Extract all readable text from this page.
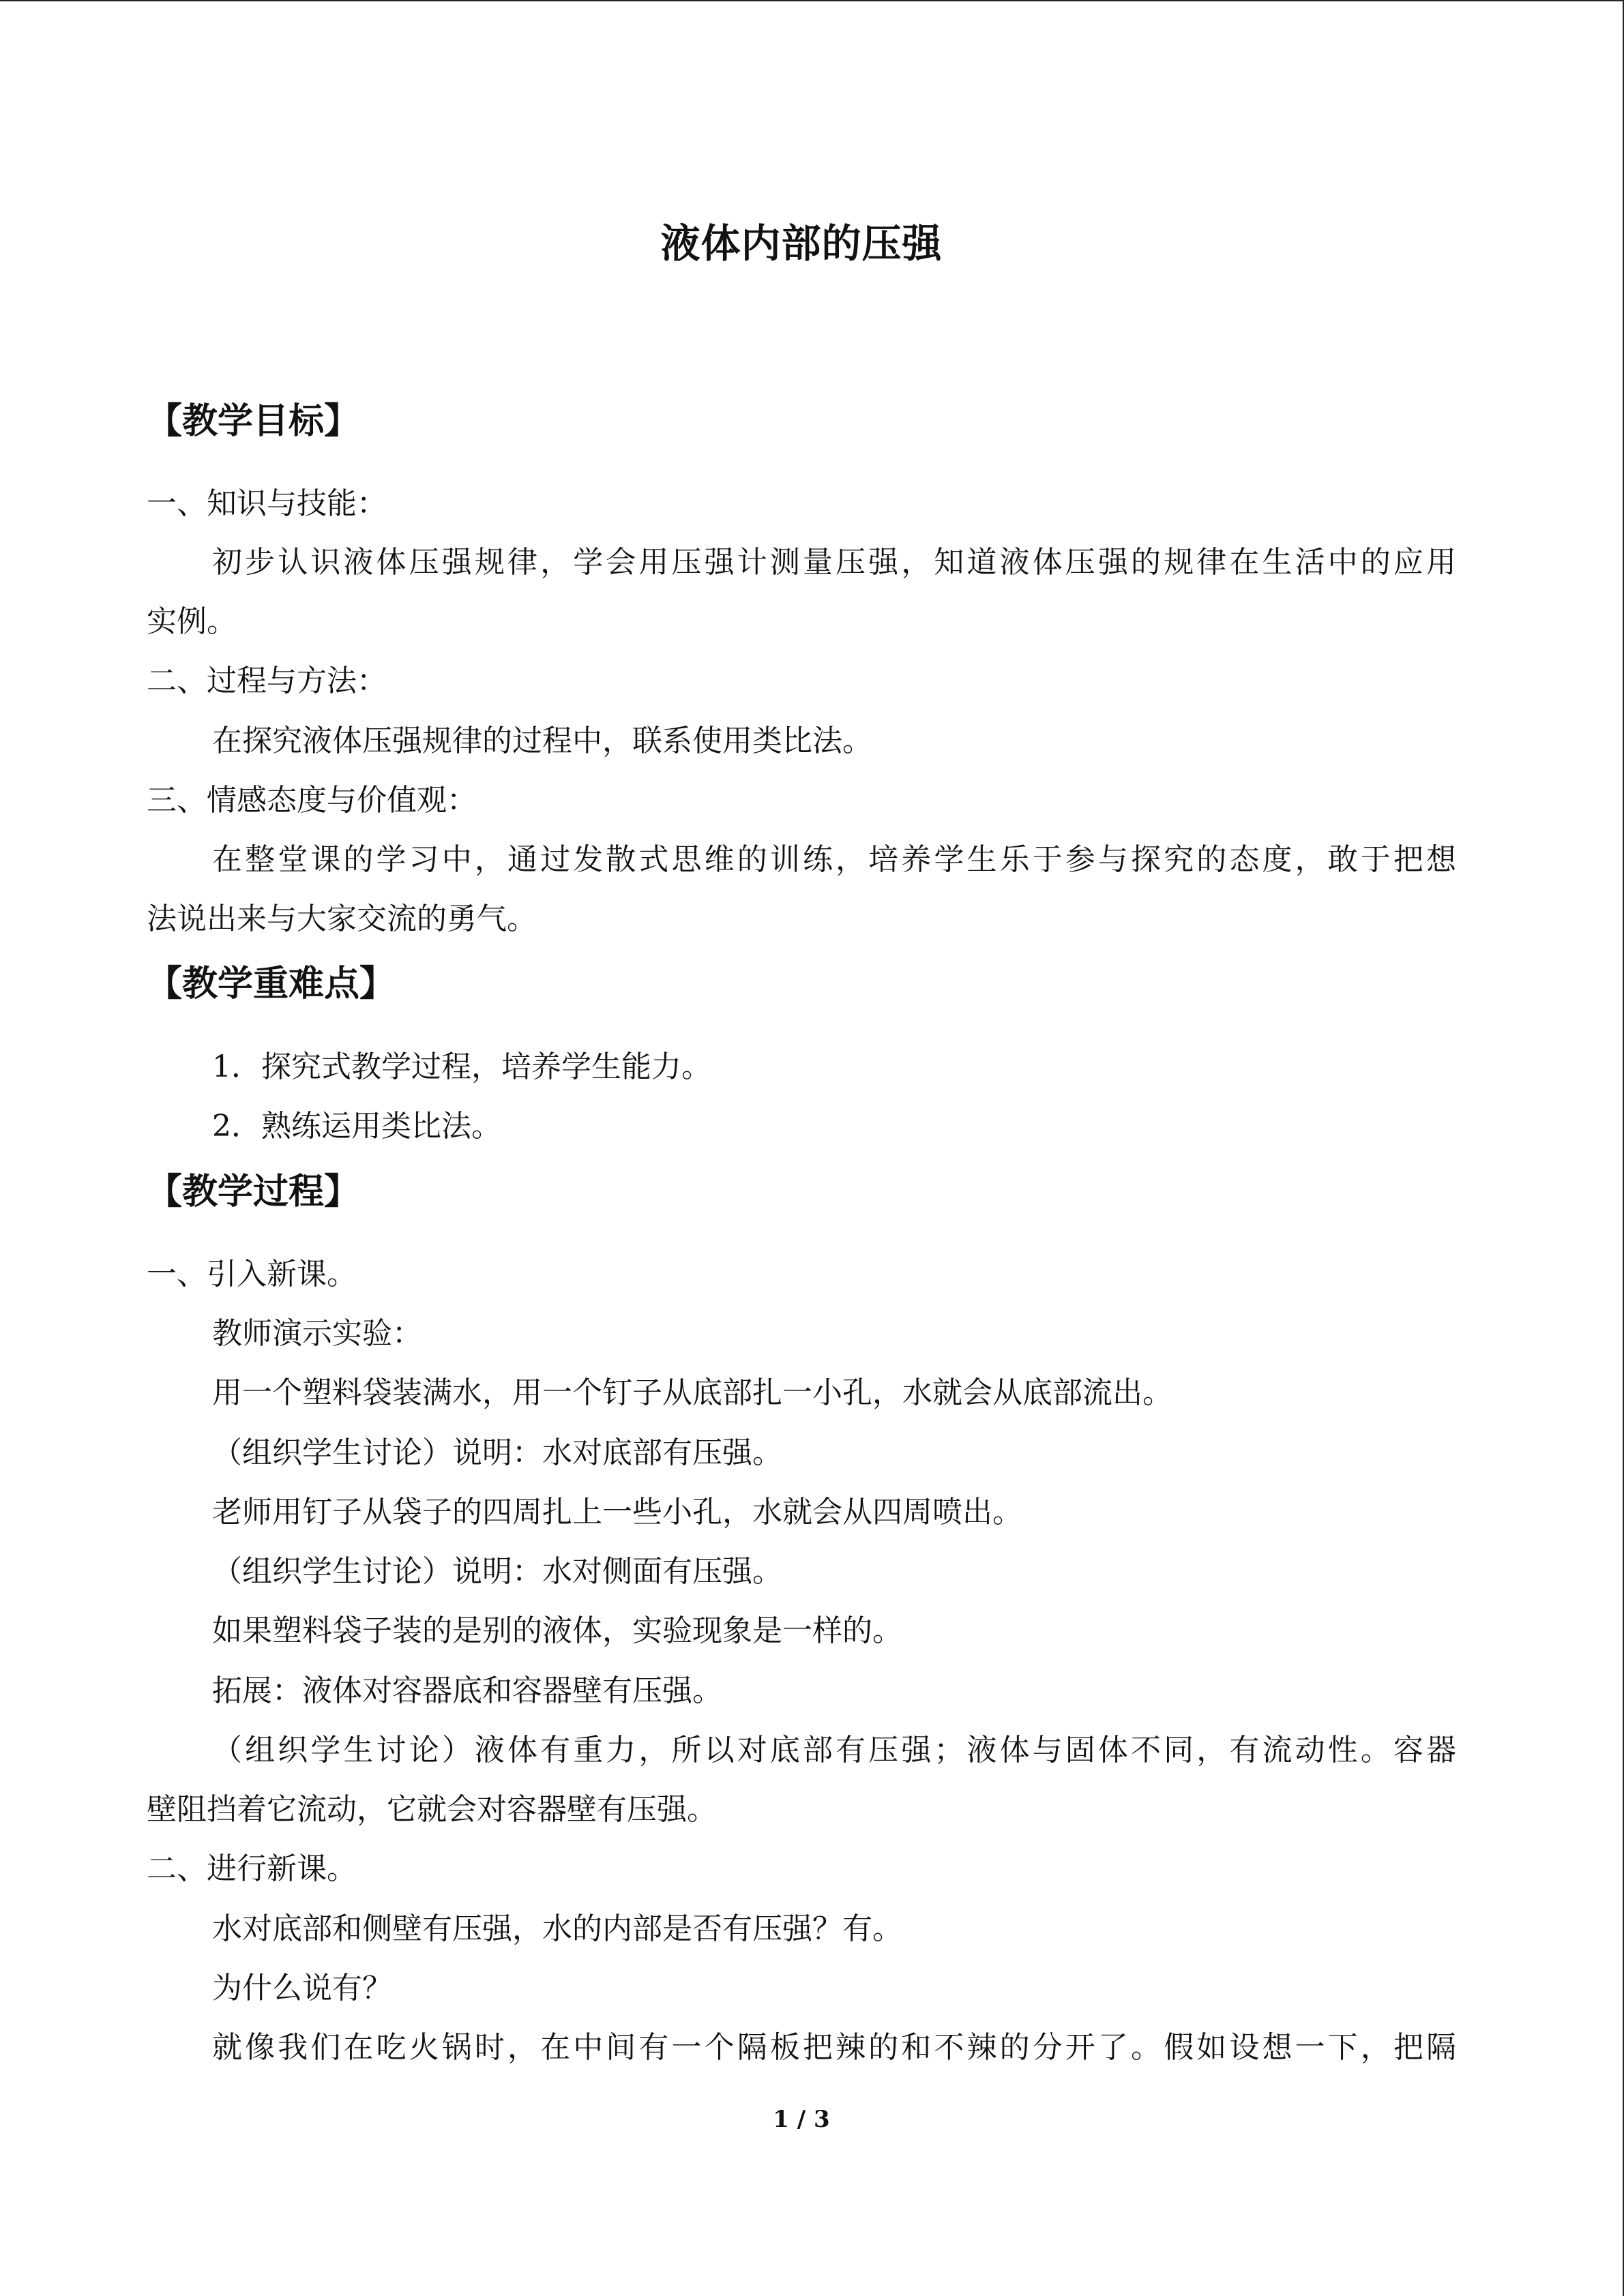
液体内部的压强
【教学目标】
一、知识与技能：
初步认识液体压强规律，学会用压强计测量压强，知道液体压强的规律在生活中的应用
实例。
二、过程与方法：
在探究液体压强规律的过程中，联系使用类比法。
三、情感态度与价值观：
在整堂课的学习中，通过发散式思维的训练，培养学生乐于参与探究的态度，敢于把想
法说出来与大家交流的勇气。
【教学重难点】
1．探究式教学过程，培养学生能力。
2．熟练运用类比法。
【教学过程】
一、引入新课。
教师演示实验：
用一个塑料袋装满水，用一个钉子从底部扎一小孔，水就会从底部流出。
（组织学生讨论）说明：水对底部有压强。
老师用钉子从袋子的四周扎上一些小孔，水就会从四周喷出。
（组织学生讨论）说明：水对侧面有压强。
如果塑料袋子装的是别的液体，实验现象是一样的。
拓展：液体对容器底和容器壁有压强。
（组织学生讨论）液体有重力，所以对底部有压强；液体与固体不同，有流动性。容器
壁阻挡着它流动，它就会对容器壁有压强。
二、进行新课。
水对底部和侧壁有压强，水的内部是否有压强？有。
为什么说有？
就像我们在吃火锅时，在中间有一个隔板把辣的和不辣的分开了。假如设想一下，把隔
1 / 3
